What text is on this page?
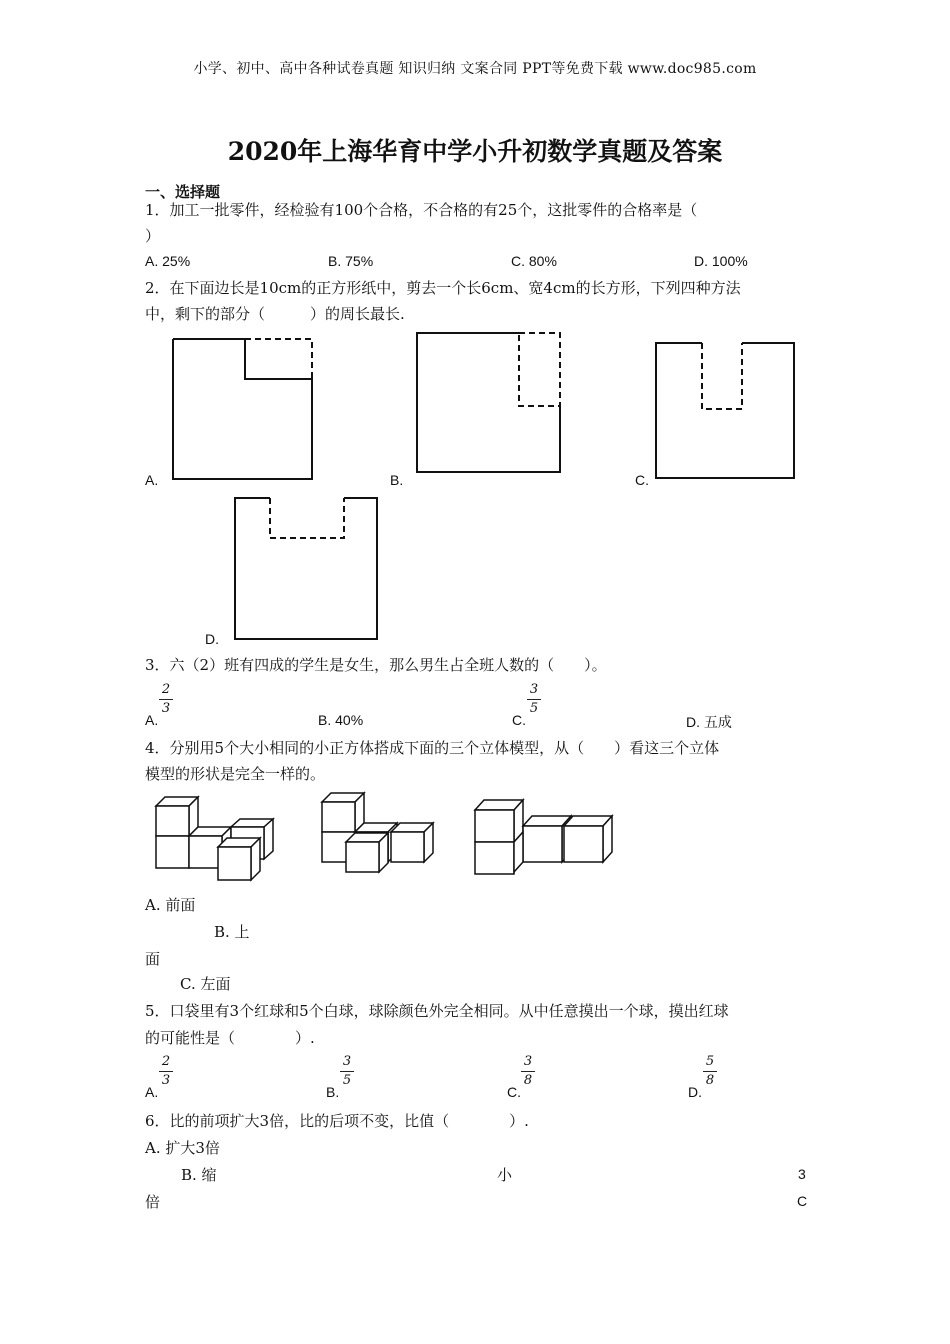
小学、初中、高中各种试卷真题 知识归纳 文案合同 PPT等免费下载 www.doc985.com
2020年上海华育中学小升初数学真题及答案
一、选择题
1．加工一批零件，经检验有100个合格，不合格的有25个，这批零件的合格率是（
）
A. 25%	B. 75%	C. 80%	D. 100%
2．在下面边长是10cm的正方形纸中，剪去一个长6cm、宽4cm的长方形，下列四种方法
中，剩下的部分（　　　）的周长最长.
A.	B.	C.
D.
3．六（2）班有四成的学生是女生，那么男生占全班人数的（　　）。
A.
2
3
B. 40%	C.
3
5
D. 五成
4．分别用5个大小相同的小正方体搭成下面的三个立体模型，从（　　）看这三个立体
模型的形状是完全一样的。
A. 前面
B. 上
面
C. 左面
5．口袋里有3个红球和5个白球，球除颜色外完全相同。从中任意摸出一个球，摸出红球
的可能性是（　　　　）.
A.
2
3
B.
3
5
C.
3
8
D.
5
8
6．比的前项扩大3倍，比的后项不变，比值（　　　　）.
A. 扩大3倍
B. 缩	小	3
倍	C
